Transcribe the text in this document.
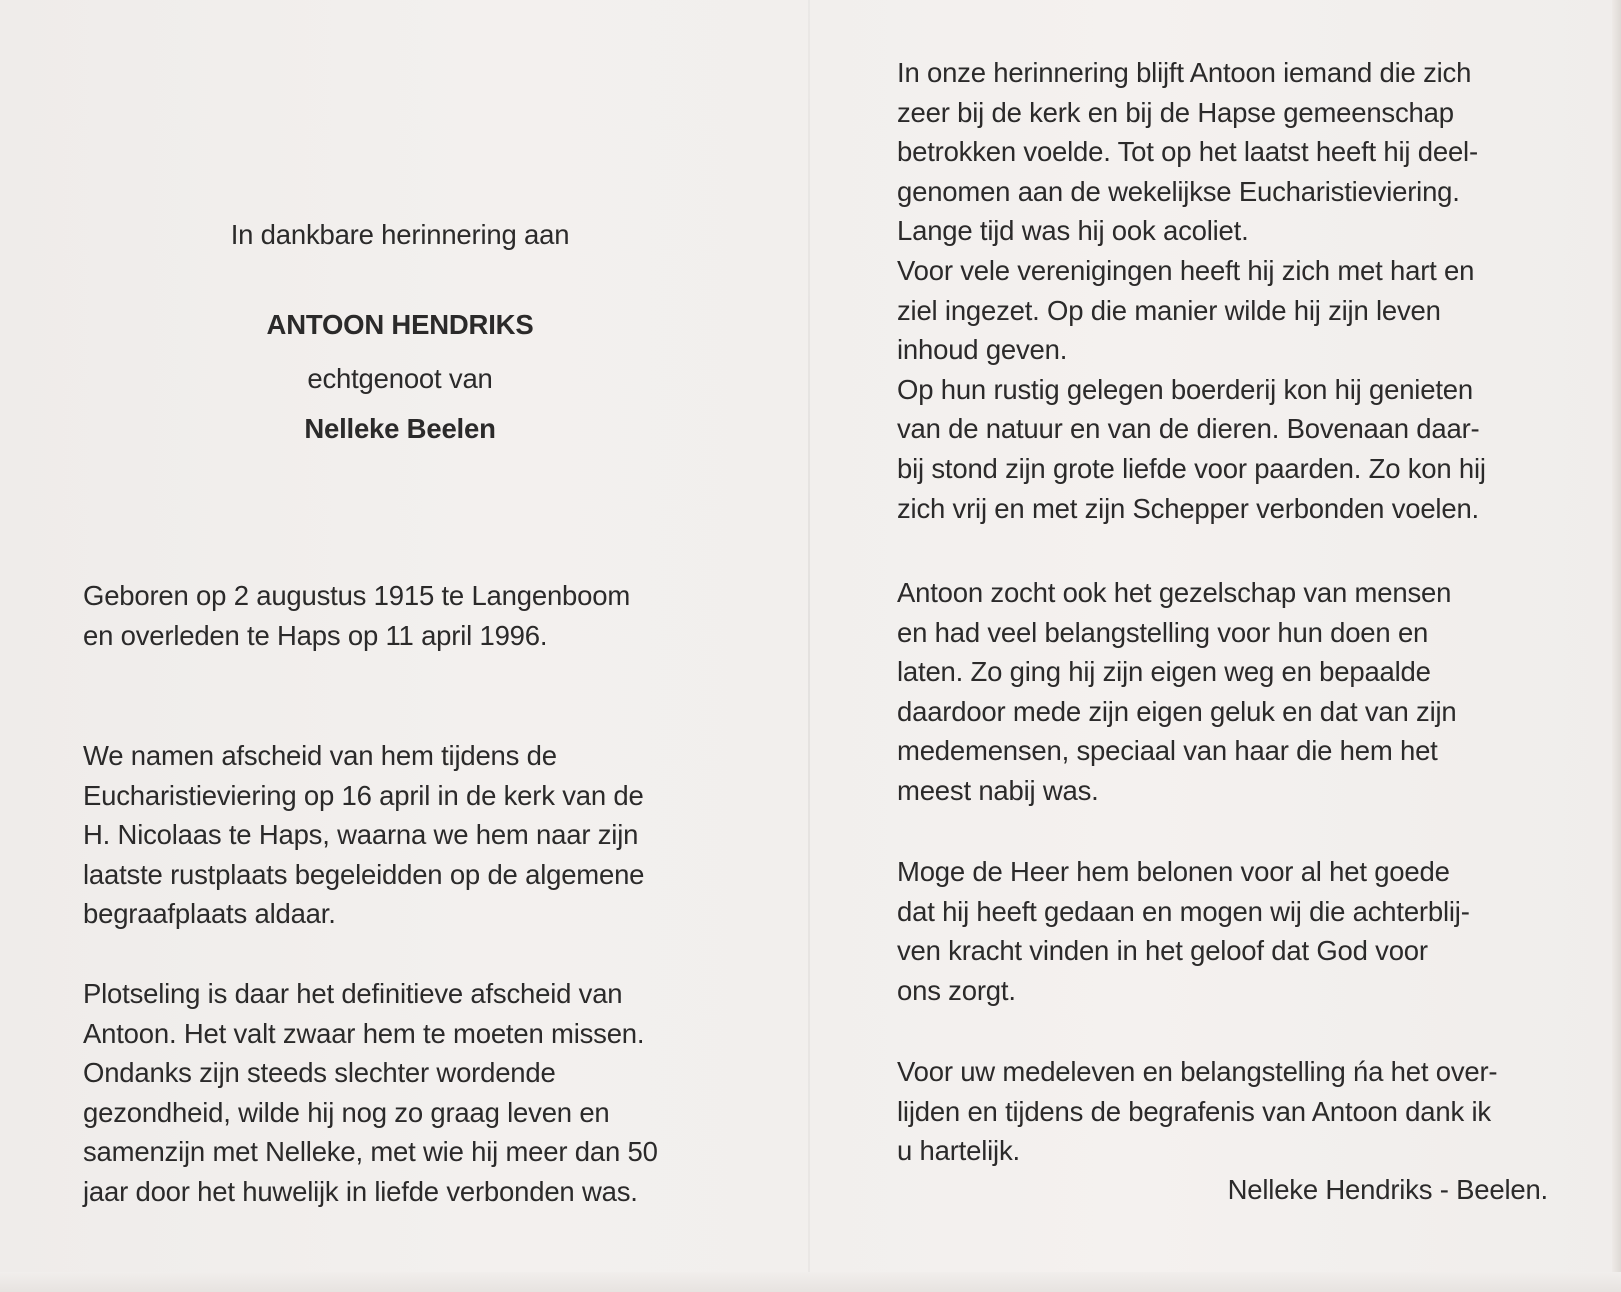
In dankbare herinnering aan

ANTOON HENDRIKS

echtgenoot van

Nelleke Beelen

Geboren op 2 augustus 1915 te Langenboom
en overleden te Haps op 11 april 1996.
We namen afscheid van hem tijdens de
Eucharistieviering op 16 april in de kerk van de
H. Nicolaas te Haps, waarna we hem naar zijn
laatste rustplaats begeleidden op de algemene
begraafplaats aldaar.
Plotseling is daar het definitieve afscheid van
Antoon. Het valt zwaar hem te moeten missen.
Ondanks zijn steeds slechter wordende
gezondheid, wilde hij nog zo graag leven en
samenzijn met Nelleke, met wie hij meer dan 50
jaar door het huwelijk in liefde verbonden was.
In onze herinnering blijft Antoon iemand die zich
zeer bij de kerk en bij de Hapse gemeenschap
betrokken voelde. Tot op het laatst heeft hij deel-
genomen aan de wekelijkse Eucharistieviering.
Lange tijd was hij ook acoliet.
Voor vele verenigingen heeft hij zich met hart en
ziel ingezet. Op die manier wilde hij zijn leven
inhoud geven.
Op hun rustig gelegen boerderij kon hij genieten
van de natuur en van de dieren. Bovenaan daar-
bij stond zijn grote liefde voor paarden. Zo kon hij
zich vrij en met zijn Schepper verbonden voelen.
Antoon zocht ook het gezelschap van mensen
en had veel belangstelling voor hun doen en
laten. Zo ging hij zijn eigen weg en bepaalde
daardoor mede zijn eigen geluk en dat van zijn
medemensen, speciaal van haar die hem het
meest nabij was.
Moge de Heer hem belonen voor al het goede
dat hij heeft gedaan en mogen wij die achterblij-
ven kracht vinden in het geloof dat God voor
ons zorgt.
Voor uw medeleven en belangstelling ńa het over-
lijden en tijdens de begrafenis van Antoon dank ik
u hartelijk.

Nelleke Hendriks - Beelen.
